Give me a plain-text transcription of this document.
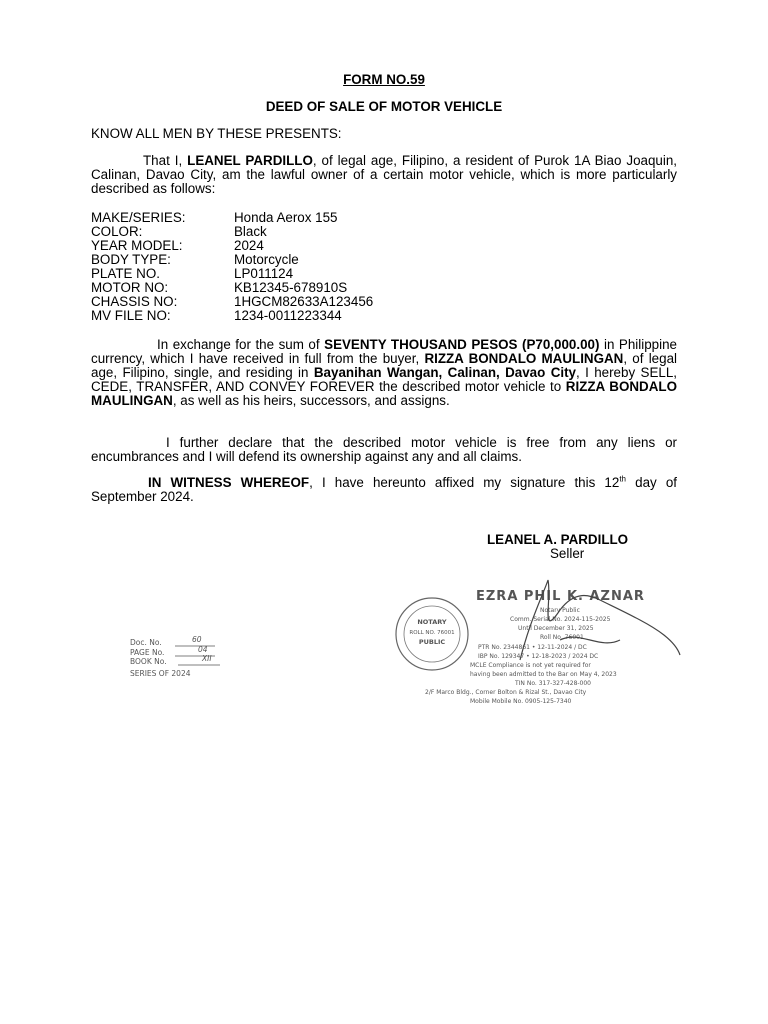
FORM NO.59
DEED OF SALE OF MOTOR VEHICLE
KNOW ALL MEN BY THESE PRESENTS:
That I, LEANEL PARDILLO, of legal age, Filipino, a resident of Purok 1A Biao Joaquin, Calinan, Davao City, am the lawful owner of a certain motor vehicle, which is more particularly described as follows:
MAKE/SERIES:	Honda Aerox 155
COLOR:	Black
YEAR MODEL:	2024
BODY TYPE:	Motorcycle
PLATE NO.	LP011124
MOTOR NO:	KB12345-678910S
CHASSIS NO:	1HGCM82633A123456
MV FILE NO:	1234-0011223344
In exchange for the sum of SEVENTY THOUSAND PESOS (P70,000.00) in Philippine currency, which I have received in full from the buyer, RIZZA BONDALO MAULINGAN, of legal age, Filipino, single, and residing in Bayanihan Wangan, Calinan, Davao City, I hereby SELL, CEDE, TRANSFER, AND CONVEY FOREVER the described motor vehicle to RIZZA BONDALO MAULINGAN, as well as his heirs, successors, and assigns.
I further declare that the described motor vehicle is free from any liens or encumbrances and I will defend its ownership against any and all claims.
IN WITNESS WHEREOF, I have hereunto affixed my signature this 12th day of September 2024.
LEANEL A. PARDILLO
Seller
Doc. No.	60
PAGE No.	04
BOOK No.	XII
SERIES OF 2024
NOTARY
ROLL NO. 76001
PUBLIC
EZRA PHIL K. AZNAR
Notary Public
Comm. Serial No. 2024-115-2025
Until December 31, 2025
Roll No. 76001
PTR No. 2344861 • 12-11-2024 / DC
IBP No. 129347 • 12-18-2023 / 2024 DC
MCLE Compliance is not yet required for
having been admitted to the Bar on May 4, 2023
TIN No. 317-327-428-000
2/F Marco Bldg., Corner Bolton & Rizal St., Davao City
Mobile Mobile No. 0905-125-7340
